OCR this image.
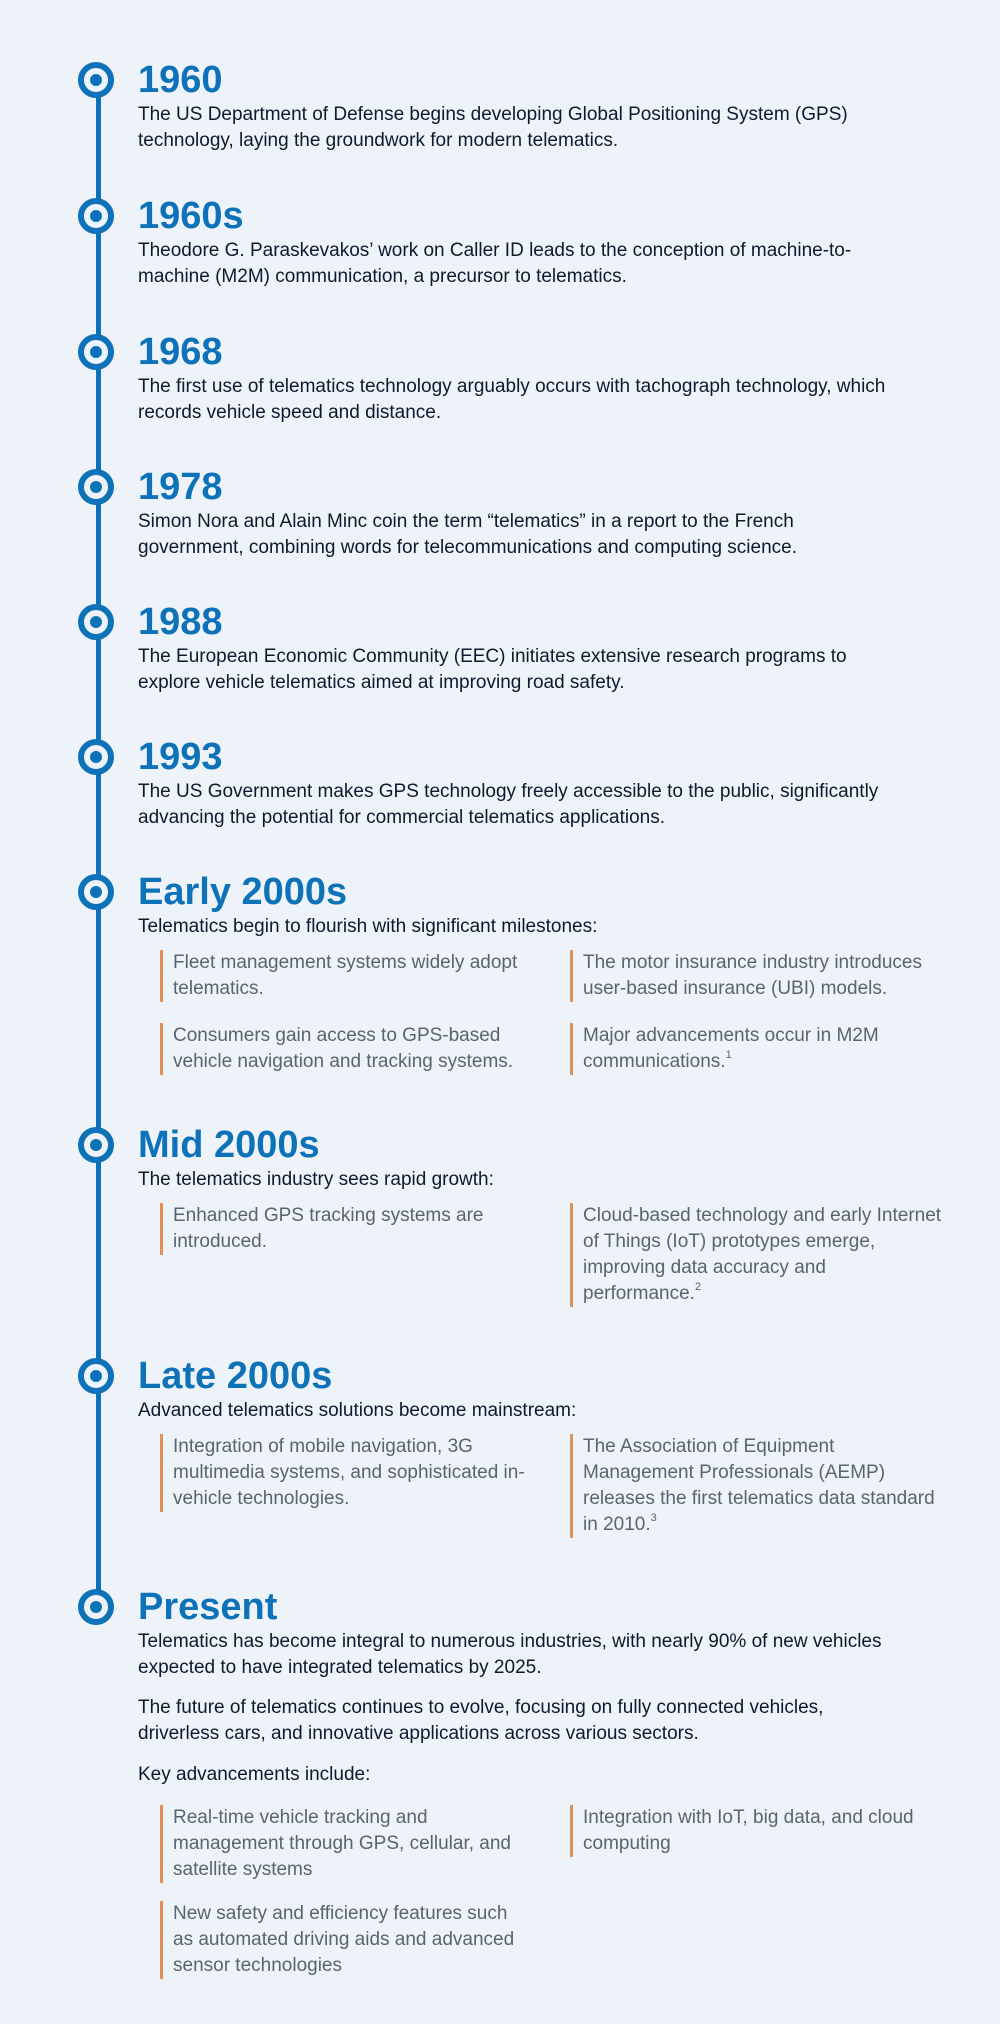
1960

The US Department of Defense begins developing Global Positioning System (GPS) technology, laying the groundwork for modern telematics.

1960s

Theodore G. Paraskevakos’ work on Caller ID leads to the conception of machine-to-machine (M2M) communication, a precursor to telematics.

1968

The first use of telematics technology arguably occurs with tachograph technology, which records vehicle speed and distance.

1978

Simon Nora and Alain Minc coin the term “telematics” in a report to the French government, combining words for telecommunications and computing science.

1988

The European Economic Community (EEC) initiates extensive research programs to explore vehicle telematics aimed at improving road safety.

1993

The US Government makes GPS technology freely accessible to the public, significantly advancing the potential for commercial telematics applications.

Early 2000s

Telematics begin to flourish with significant milestones:

Fleet management systems widely adopt telematics.
The motor insurance industry introduces user-based insurance (UBI) models.
Consumers gain access to GPS-based vehicle navigation and tracking systems.
Major advancements occur in M2M communications.$^1$
Mid 2000s

The telematics industry sees rapid growth:

Enhanced GPS tracking systems are introduced.
Cloud-based technology and early Internet of Things (IoT) prototypes emerge, improving data accuracy and performance.$^2$
Late 2000s

Advanced telematics solutions become mainstream:

Integration of mobile navigation, 3G multimedia systems, and sophisticated in-vehicle technologies.
The Association of Equipment Management Professionals (AEMP) releases the first telematics data standard in 2010.$^3$
Present

Telematics has become integral to numerous industries, with nearly 90% of new vehicles expected to have integrated telematics by 2025.

The future of telematics continues to evolve, focusing on fully connected vehicles, driverless cars, and innovative applications across various sectors.

Key advancements include:

Real-time vehicle tracking and management through GPS, cellular, and satellite systems
Integration with IoT, big data, and cloud computing
New safety and efficiency features such as automated driving aids and advanced sensor technologies
